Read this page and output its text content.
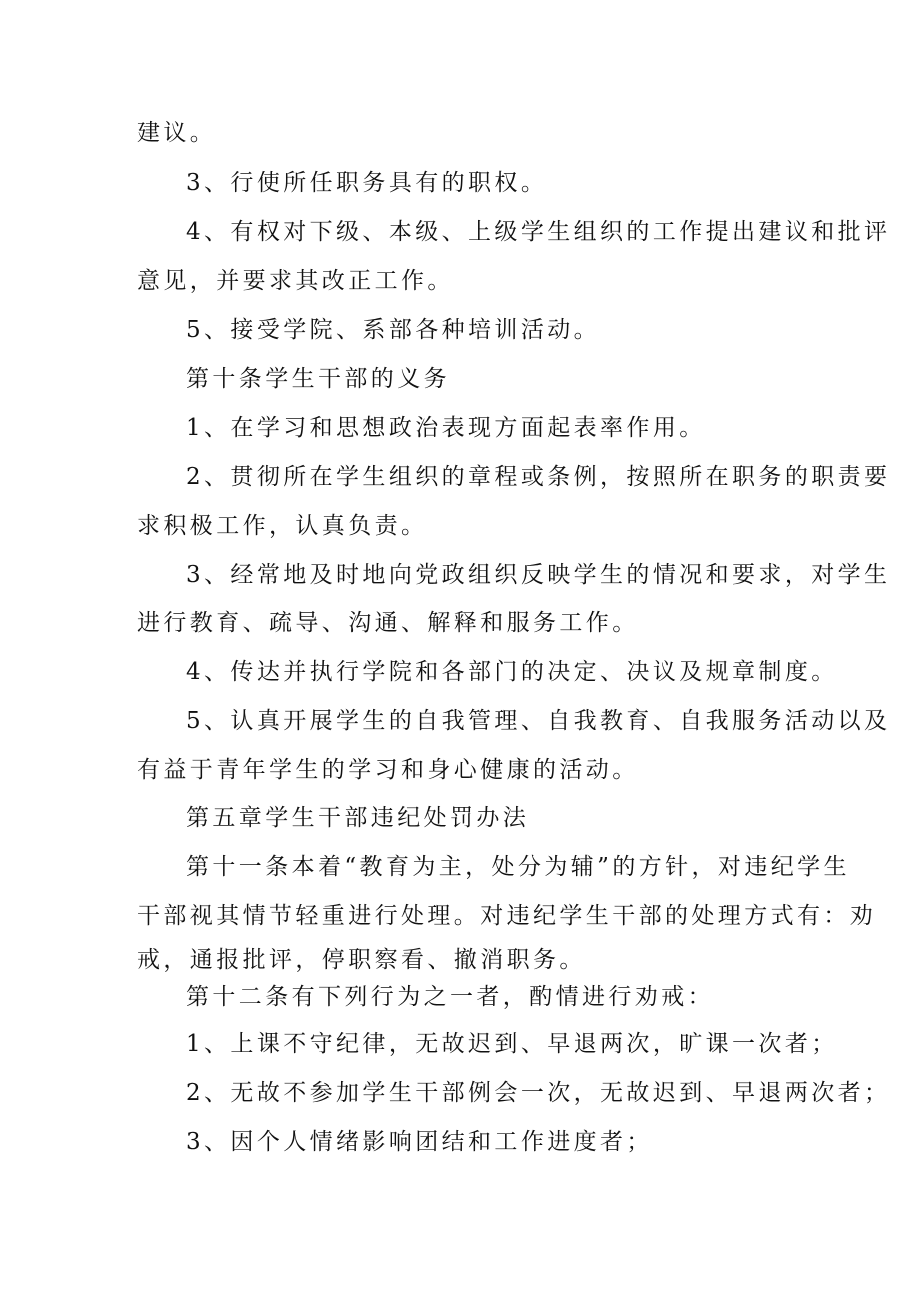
建议。
3、行使所任职务具有的职权。
4、有权对下级、本级、上级学生组织的工作提出建议和批评
意见，并要求其改正工作。
5、接受学院、系部各种培训活动。
第十条学生干部的义务
1、在学习和思想政治表现方面起表率作用。
2、贯彻所在学生组织的章程或条例，按照所在职务的职责要
求积极工作，认真负责。
3、经常地及时地向党政组织反映学生的情况和要求，对学生
进行教育、疏导、沟通、解释和服务工作。
4、传达并执行学院和各部门的决定、决议及规章制度。
5、认真开展学生的自我管理、自我教育、自我服务活动以及
有益于青年学生的学习和身心健康的活动。
第五章学生干部违纪处罚办法
第十一条本着“教育为主，处分为辅”的方针，对违纪学生
干部视其情节轻重进行处理。对违纪学生干部的处理方式有：劝
戒，通报批评，停职察看、撤消职务。
第十二条有下列行为之一者，酌情进行劝戒：
1、上课不守纪律，无故迟到、早退两次，旷课一次者；
2、无故不参加学生干部例会一次，无故迟到、早退两次者；
3、因个人情绪影响团结和工作进度者；
